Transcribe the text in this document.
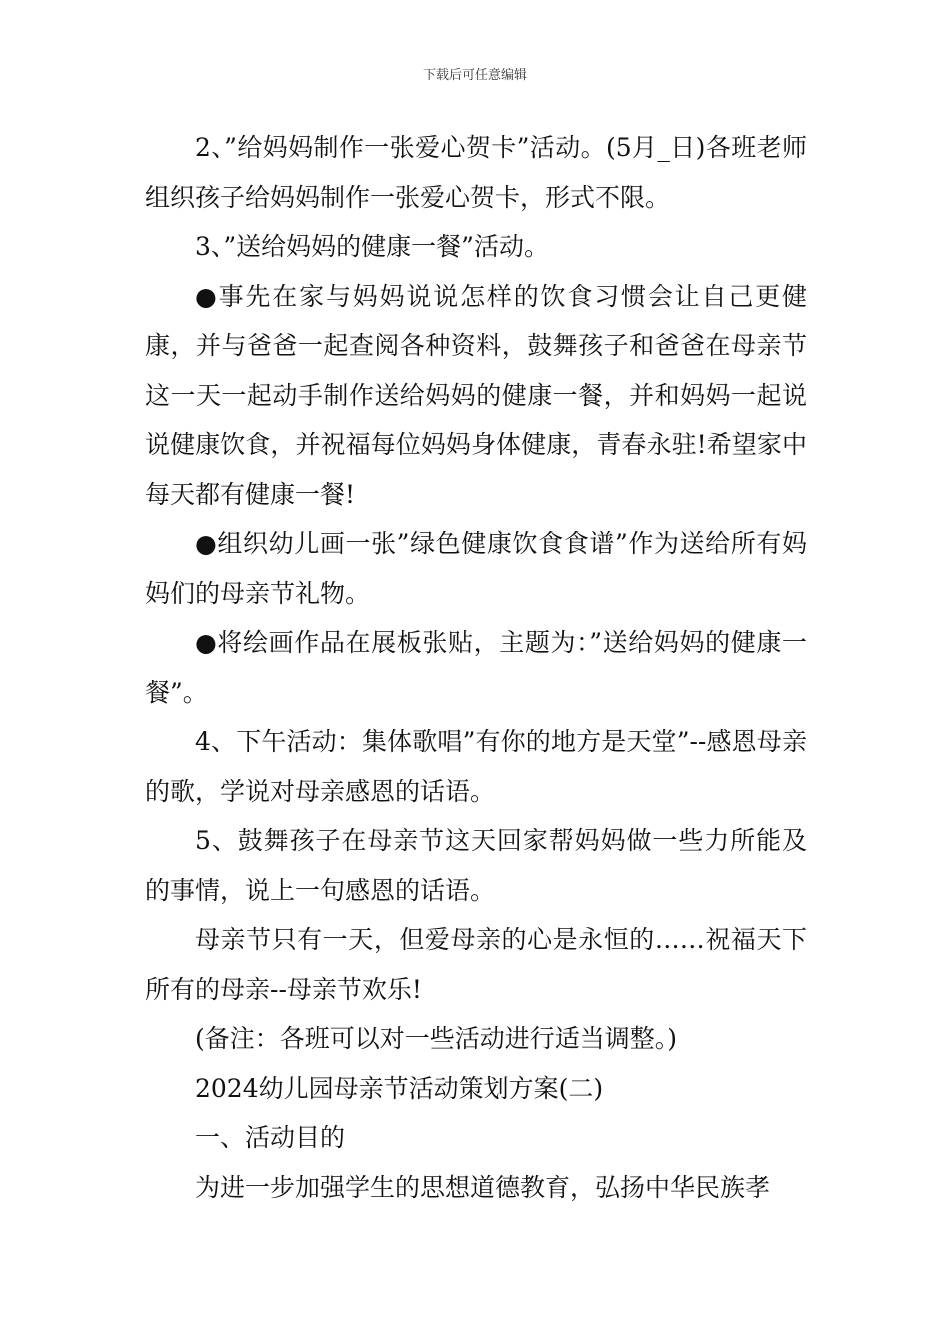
下载后可任意编辑

2、”给妈妈制作一张爱心贺卡”活动。(5月_日)各班老师组织孩子给妈妈制作一张爱心贺卡，形式不限。

3、”送给妈妈的健康一餐”活动。

●事先在家与妈妈说说怎样的饮食习惯会让自己更健康，并与爸爸一起查阅各种资料，鼓舞孩子和爸爸在母亲节这一天一起动手制作送给妈妈的健康一餐，并和妈妈一起说说健康饮食，并祝福每位妈妈身体健康，青春永驻!希望家中每天都有健康一餐!

●组织幼儿画一张”绿色健康饮食食谱”作为送给所有妈妈们的母亲节礼物。

●将绘画作品在展板张贴，主题为：”送给妈妈的健康一餐”。

4、下午活动：集体歌唱”有你的地方是天堂”--感恩母亲的歌，学说对母亲感恩的话语。

5、鼓舞孩子在母亲节这天回家帮妈妈做一些力所能及的事情，说上一句感恩的话语。

母亲节只有一天，但爱母亲的心是永恒的……祝福天下所有的母亲--母亲节欢乐!

(备注：各班可以对一些活动进行适当调整。)

2024幼儿园母亲节活动策划方案(二)

一、活动目的

为进一步加强学生的思想道德教育，弘扬中华民族孝
